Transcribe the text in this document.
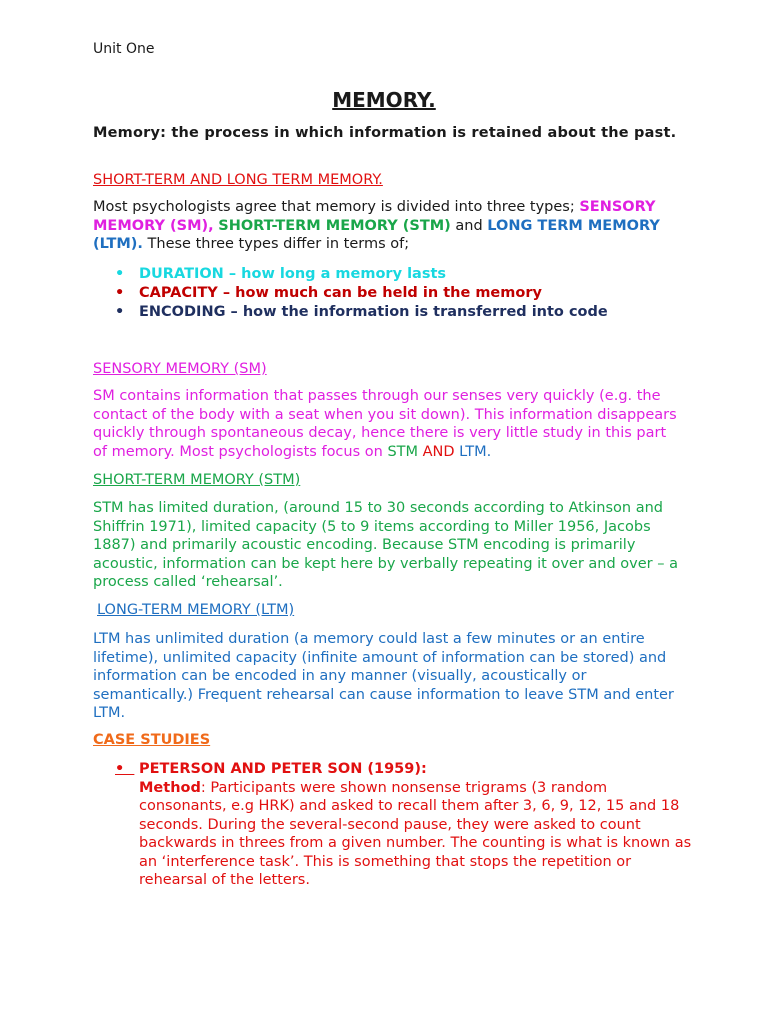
Unit One
MEMORY.

Memory: the process in which information is retained about the past.

SHORT-TERM AND LONG TERM MEMORY.

Most psychologists agree that memory is divided into three types; SENSORY MEMORY (SM), SHORT-TERM MEMORY (STM) and LONG TERM MEMORY (LTM). These three types differ in terms of;

• DURATION – how long a memory lasts
• CAPACITY – how much can be held in the memory
• ENCODING – how the information is transferred into code

SENSORY MEMORY (SM)

SM contains information that passes through our senses very quickly (e.g. the contact of the body with a seat when you sit down). This information disappears quickly through spontaneous decay, hence there is very little study in this part of memory. Most psychologists focus on STM AND LTM.

SHORT-TERM MEMORY (STM)

STM has limited duration, (around 15 to 30 seconds according to Atkinson and Shiffrin 1971), limited capacity (5 to 9 items according to Miller 1956, Jacobs 1887) and primarily acoustic encoding. Because STM encoding is primarily acoustic, information can be kept here by verbally repeating it over and over – a process called ‘rehearsal’.

LONG-TERM MEMORY (LTM)

LTM has unlimited duration (a memory could last a few minutes or an entire lifetime), unlimited capacity (infinite amount of information can be stored) and information can be encoded in any manner (visually, acoustically or semantically.) Frequent rehearsal can cause information to leave STM and enter LTM.

CASE STUDIES

• PETERSON AND PETER SON (1959):
Method: Participants were shown nonsense trigrams (3 random consonants, e.g HRK) and asked to recall them after 3, 6, 9, 12, 15 and 18 seconds. During the several-second pause, they were asked to count backwards in threes from a given number. The counting is what is known as an ‘interference task’. This is something that stops the repetition or rehearsal of the letters.
